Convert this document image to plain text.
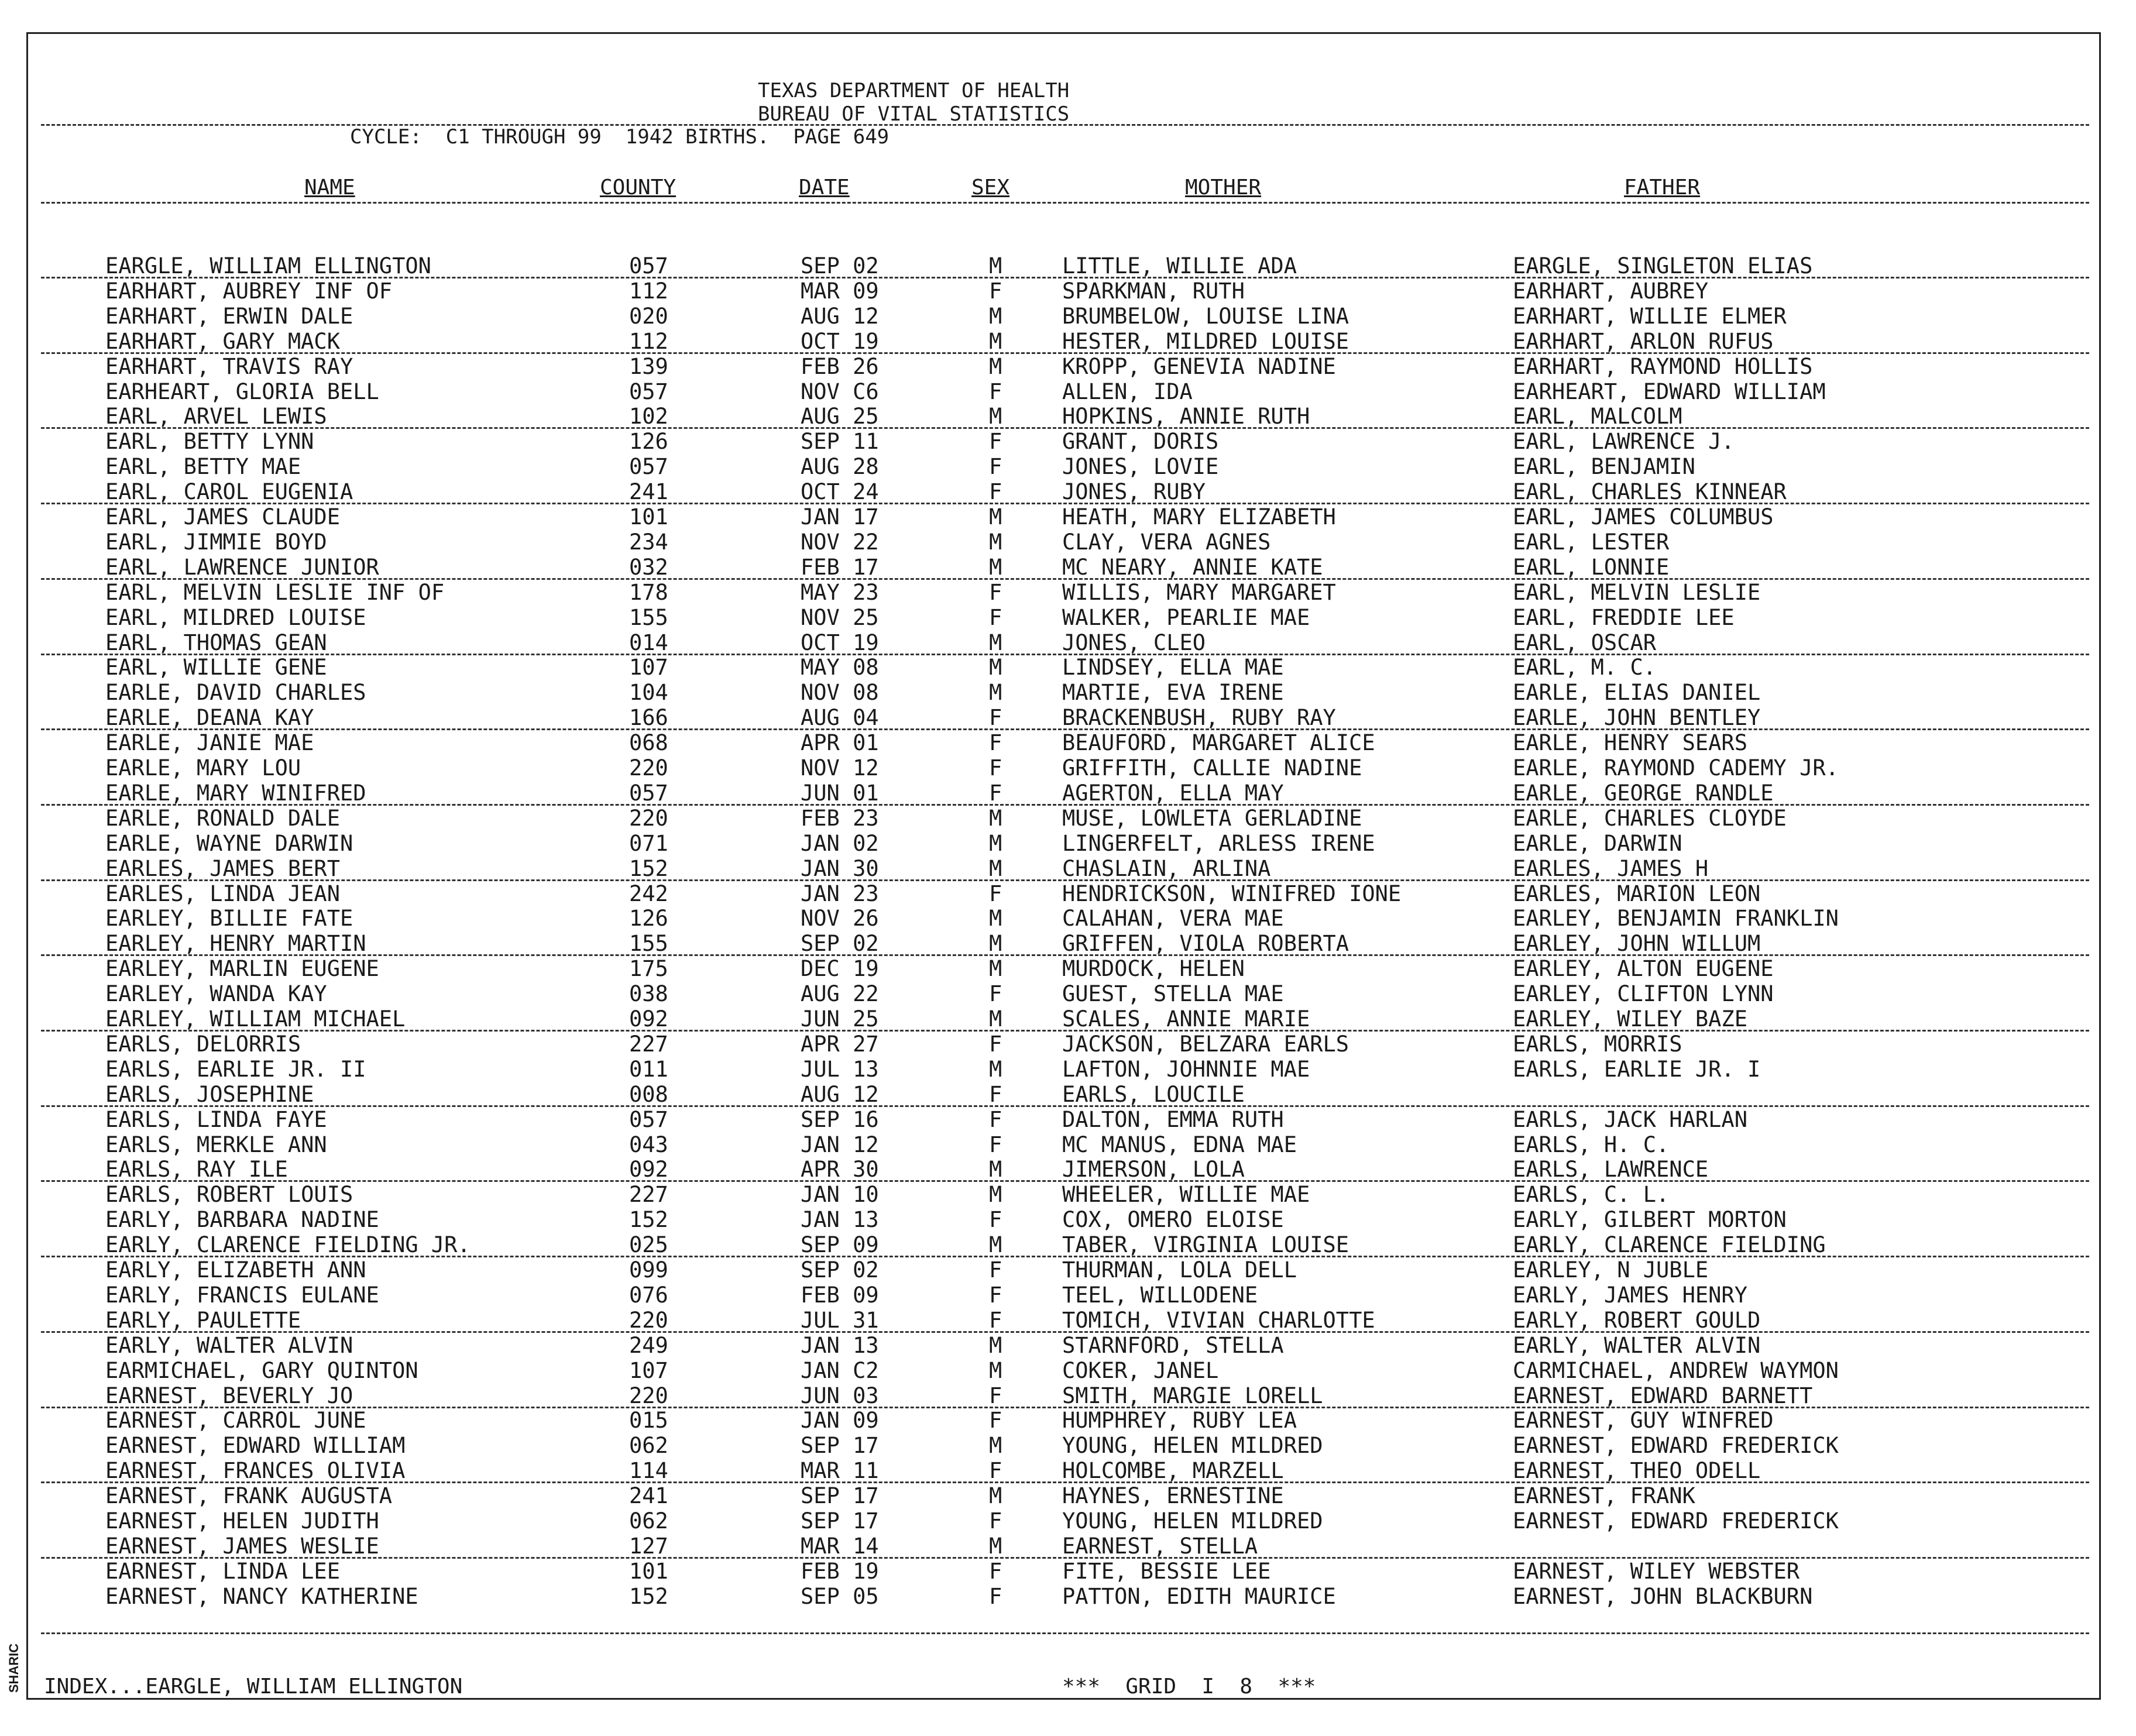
SHARIC
TEXAS DEPARTMENT OF HEALTH
BUREAU OF VITAL STATISTICS
CYCLE:  C1 THROUGH 99  1942 BIRTHS.  PAGE 649
NAME	COUNTY	DATE	SEX	MOTHER	FATHER
EARGLE, WILLIAM ELLINGTON	057	SEP 02	M	LITTLE, WILLIE ADA	EARGLE, SINGLETON ELIAS
EARHART, AUBREY INF OF	112	MAR 09	F	SPARKMAN, RUTH	EARHART, AUBREY
EARHART, ERWIN DALE	020	AUG 12	M	BRUMBELOW, LOUISE LINA	EARHART, WILLIE ELMER
EARHART, GARY MACK	112	OCT 19	M	HESTER, MILDRED LOUISE	EARHART, ARLON RUFUS
EARHART, TRAVIS RAY	139	FEB 26	M	KROPP, GENEVIA NADINE	EARHART, RAYMOND HOLLIS
EARHEART, GLORIA BELL	057	NOV C6	F	ALLEN, IDA	EARHEART, EDWARD WILLIAM
EARL, ARVEL LEWIS	102	AUG 25	M	HOPKINS, ANNIE RUTH	EARL, MALCOLM
EARL, BETTY LYNN	126	SEP 11	F	GRANT, DORIS	EARL, LAWRENCE J.
EARL, BETTY MAE	057	AUG 28	F	JONES, LOVIE	EARL, BENJAMIN
EARL, CAROL EUGENIA	241	OCT 24	F	JONES, RUBY	EARL, CHARLES KINNEAR
EARL, JAMES CLAUDE	101	JAN 17	M	HEATH, MARY ELIZABETH	EARL, JAMES COLUMBUS
EARL, JIMMIE BOYD	234	NOV 22	M	CLAY, VERA AGNES	EARL, LESTER
EARL, LAWRENCE JUNIOR	032	FEB 17	M	MC NEARY, ANNIE KATE	EARL, LONNIE
EARL, MELVIN LESLIE INF OF	178	MAY 23	F	WILLIS, MARY MARGARET	EARL, MELVIN LESLIE
EARL, MILDRED LOUISE	155	NOV 25	F	WALKER, PEARLIE MAE	EARL, FREDDIE LEE
EARL, THOMAS GEAN	014	OCT 19	M	JONES, CLEO	EARL, OSCAR
EARL, WILLIE GENE	107	MAY 08	M	LINDSEY, ELLA MAE	EARL, M. C.
EARLE, DAVID CHARLES	104	NOV 08	M	MARTIE, EVA IRENE	EARLE, ELIAS DANIEL
EARLE, DEANA KAY	166	AUG 04	F	BRACKENBUSH, RUBY RAY	EARLE, JOHN BENTLEY
EARLE, JANIE MAE	068	APR 01	F	BEAUFORD, MARGARET ALICE	EARLE, HENRY SEARS
EARLE, MARY LOU	220	NOV 12	F	GRIFFITH, CALLIE NADINE	EARLE, RAYMOND CADEMY JR.
EARLE, MARY WINIFRED	057	JUN 01	F	AGERTON, ELLA MAY	EARLE, GEORGE RANDLE
EARLE, RONALD DALE	220	FEB 23	M	MUSE, LOWLETA GERLADINE	EARLE, CHARLES CLOYDE
EARLE, WAYNE DARWIN	071	JAN 02	M	LINGERFELT, ARLESS IRENE	EARLE, DARWIN
EARLES, JAMES BERT	152	JAN 30	M	CHASLAIN, ARLINA	EARLES, JAMES H
EARLES, LINDA JEAN	242	JAN 23	F	HENDRICKSON, WINIFRED IONE	EARLES, MARION LEON
EARLEY, BILLIE FATE	126	NOV 26	M	CALAHAN, VERA MAE	EARLEY, BENJAMIN FRANKLIN
EARLEY, HENRY MARTIN	155	SEP 02	M	GRIFFEN, VIOLA ROBERTA	EARLEY, JOHN WILLUM
EARLEY, MARLIN EUGENE	175	DEC 19	M	MURDOCK, HELEN	EARLEY, ALTON EUGENE
EARLEY, WANDA KAY	038	AUG 22	F	GUEST, STELLA MAE	EARLEY, CLIFTON LYNN
EARLEY, WILLIAM MICHAEL	092	JUN 25	M	SCALES, ANNIE MARIE	EARLEY, WILEY BAZE
EARLS, DELORRIS	227	APR 27	F	JACKSON, BELZARA EARLS	EARLS, MORRIS
EARLS, EARLIE JR. II	011	JUL 13	M	LAFTON, JOHNNIE MAE	EARLS, EARLIE JR. I
EARLS, JOSEPHINE	008	AUG 12	F	EARLS, LOUCILE
EARLS, LINDA FAYE	057	SEP 16	F	DALTON, EMMA RUTH	EARLS, JACK HARLAN
EARLS, MERKLE ANN	043	JAN 12	F	MC MANUS, EDNA MAE	EARLS, H. C.
EARLS, RAY ILE	092	APR 30	M	JIMERSON, LOLA	EARLS, LAWRENCE
EARLS, ROBERT LOUIS	227	JAN 10	M	WHEELER, WILLIE MAE	EARLS, C. L.
EARLY, BARBARA NADINE	152	JAN 13	F	COX, OMERO ELOISE	EARLY, GILBERT MORTON
EARLY, CLARENCE FIELDING JR.	025	SEP 09	M	TABER, VIRGINIA LOUISE	EARLY, CLARENCE FIELDING
EARLY, ELIZABETH ANN	099	SEP 02	F	THURMAN, LOLA DELL	EARLEY, N JUBLE
EARLY, FRANCIS EULANE	076	FEB 09	F	TEEL, WILLODENE	EARLY, JAMES HENRY
EARLY, PAULETTE	220	JUL 31	F	TOMICH, VIVIAN CHARLOTTE	EARLY, ROBERT GOULD
EARLY, WALTER ALVIN	249	JAN 13	M	STARNFORD, STELLA	EARLY, WALTER ALVIN
EARMICHAEL, GARY QUINTON	107	JAN C2	M	COKER, JANEL	CARMICHAEL, ANDREW WAYMON
EARNEST, BEVERLY JO	220	JUN 03	F	SMITH, MARGIE LORELL	EARNEST, EDWARD BARNETT
EARNEST, CARROL JUNE	015	JAN 09	F	HUMPHREY, RUBY LEA	EARNEST, GUY WINFRED
EARNEST, EDWARD WILLIAM	062	SEP 17	M	YOUNG, HELEN MILDRED	EARNEST, EDWARD FREDERICK
EARNEST, FRANCES OLIVIA	114	MAR 11	F	HOLCOMBE, MARZELL	EARNEST, THEO ODELL
EARNEST, FRANK AUGUSTA	241	SEP 17	M	HAYNES, ERNESTINE	EARNEST, FRANK
EARNEST, HELEN JUDITH	062	SEP 17	F	YOUNG, HELEN MILDRED	EARNEST, EDWARD FREDERICK
EARNEST, JAMES WESLIE	127	MAR 14	M	EARNEST, STELLA
EARNEST, LINDA LEE	101	FEB 19	F	FITE, BESSIE LEE	EARNEST, WILEY WEBSTER
EARNEST, NANCY KATHERINE	152	SEP 05	F	PATTON, EDITH MAURICE	EARNEST, JOHN BLACKBURN
INDEX...EARGLE, WILLIAM ELLINGTON	***  GRID  I  8  ***
